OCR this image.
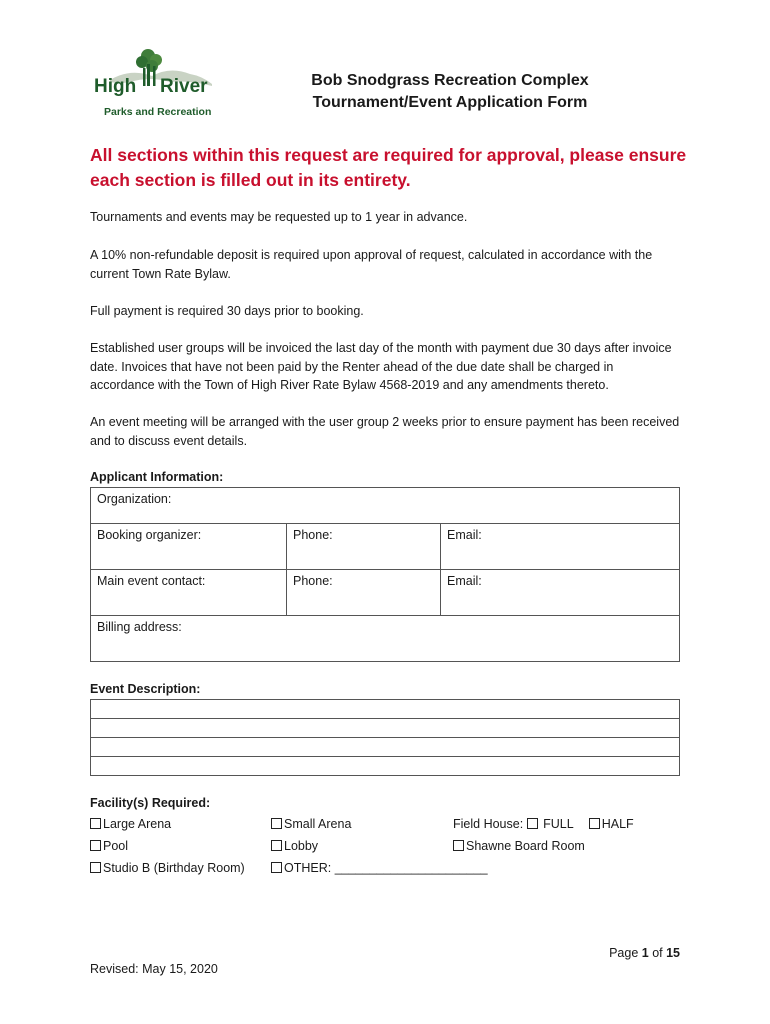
High River
Parks and Recreation
Bob Snodgrass Recreation Complex
Tournament/Event Application Form
All sections within this request are required for approval, please ensure
each section is filled out in its entirety.
Tournaments and events may be requested up to 1 year in advance.
A 10% non-refundable deposit is required upon approval of request, calculated in accordance with the current Town Rate Bylaw.
Full payment is required 30 days prior to booking.
Established user groups will be invoiced the last day of the month with payment due 30 days after invoice date. Invoices that have not been paid by the Renter ahead of the due date shall be charged in accordance with the Town of High River Rate Bylaw 4568-2019 and any amendments thereto.
An event meeting will be arranged with the user group 2 weeks prior to ensure payment has been received and to discuss event details.
Applicant Information:
Organization:		
Booking organizer:	Phone:	Email:
Main event contact:	Phone:	Email:
Billing address:		
Event Description:

Facility(s) Required:
Large Arena	Small Arena	Field House:  FULL HALF
Pool	Lobby	Shawne Board Room
Studio B (Birthday Room)	OTHER: ______________________
Page 1 of 15
Revised: May 15, 2020
